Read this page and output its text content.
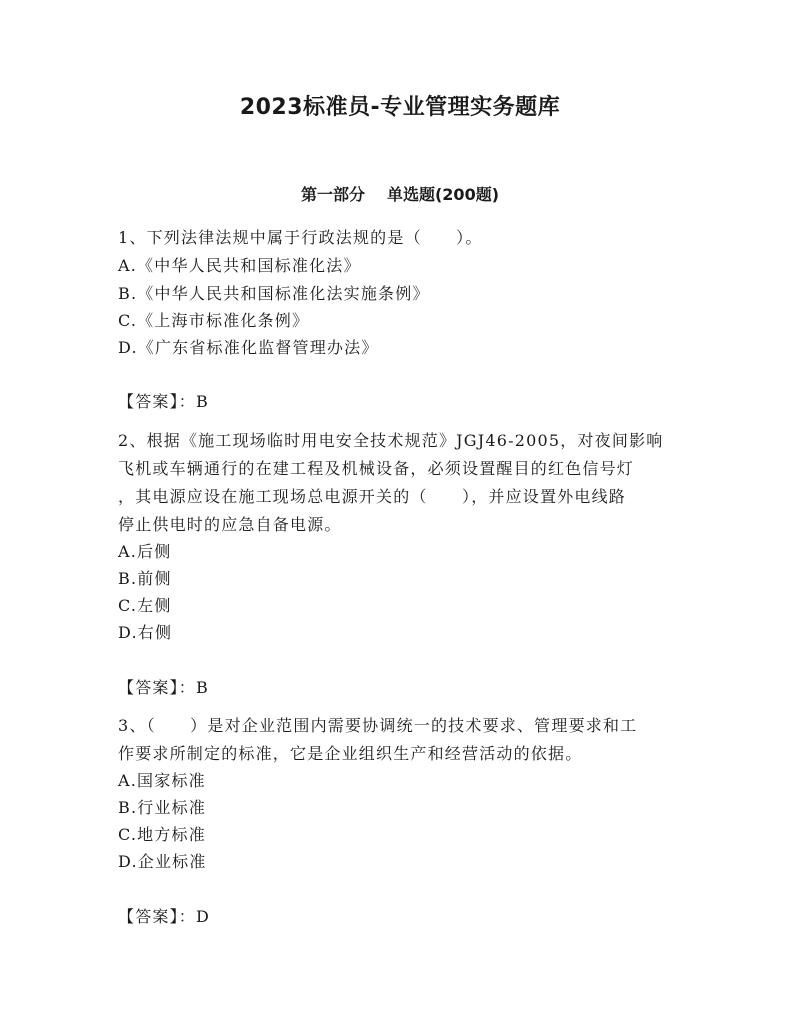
2023标准员-专业管理实务题库
第一部分 单选题(200题)
1、下列法律法规中属于行政法规的是（　　）。
A.《中华人民共和国标准化法》
B.《中华人民共和国标准化法实施条例》
C.《上海市标准化条例》
D.《广东省标准化监督管理办法》
【答案】：B
2、根据《施工现场临时用电安全技术规范》JGJ46-2005，对夜间影响
飞机或车辆通行的在建工程及机械设备，必须设置醒目的红色信号灯
，其电源应设在施工现场总电源开关的（　　），并应设置外电线路
停止供电时的应急自备电源。
A.后侧
B.前侧
C.左侧
D.右侧
【答案】：B
3、（　　）是对企业范围内需要协调统一的技术要求、管理要求和工
作要求所制定的标准，它是企业组织生产和经营活动的依据。
A.国家标准
B.行业标准
C.地方标准
D.企业标准
【答案】：D
